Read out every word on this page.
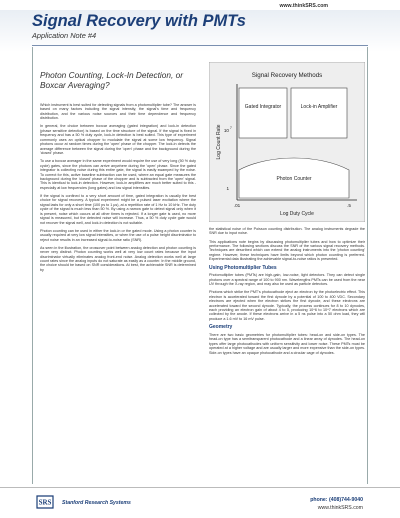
www.thinkSRS.com
Signal Recovery with PMTs
Application Note #4
Photon Counting, Lock-In Detection, or Boxcar Averaging?

Which instrument is best suited for detecting signals from a photomultiplier tube? The answer is based on many factors including the signal intensity, the signal's time and frequency distribution, and the various noise sources and their time dependence and frequency distribution.

In general, the choice between boxcar averaging (gated integration) and lock-in detection (phase sensitive detection) is based on the time structure of the signal. If the signal is fixed in frequency and has a 50 % duty cycle, lock-in detection is best suited. This type of experiment commonly uses an optical chopper to modulate the signal at some low frequency. Signal photons occur at random times during the 'open' phase of the chopper. The lock-in detects the average difference between the signal during the 'open' phase and the background during the 'closed' phase.

To use a boxcar averager in the same experiment would require the use of very long (50 % duty cycle) gates, since the photons can arrive anywhere during the 'open' phase. Since the gated integrator is collecting noise during this entire gate, the signal is easily swamped by the noise. To correct for this, active baseline subtraction can be used, where an equal gate measures the background during the 'closed' phase of the chopper and is subtracted from the 'open' signal. This is identical to lock-in detection. However, lock-in amplifiers are much better suited to this - especially at low frequencies (long gates) and low signal intensities.

If the signal is confined to a very short amount of time, gated integration is usually the best choice for signal recovery. A typical experiment might be a pulsed laser excitation where the signal lasts for only a short time (100 ps to 1 µs), at a repetition rate of 1 Hz to 10 kHz. The duty cycle of the signal is much less than 50 %. By using a narrow gate to detect signal only when it is present, noise which occurs at all other times is rejected. If a longer gate is used, no more signal is measured, but the detected noise will increase. Thus, a 50 % duty cycle gate would not recover the signal well, and lock-in detection is not suitable.

Photon counting can be used in either the lock-in or the gated mode. Using a photon counter is usually required at very low signal intensities, or when the use of a pulse height discriminator to reject noise results in an increased signal-to-noise ratio (SNR).

As seen in the illustration, the crossover point between analog detection and photon counting is never very distinct. Photon counting works well at very low count rates because the input discriminator virtually eliminates analog front-end noise. Analog detection works well at large count rates since the analog inputs do not saturate as easily as a counter. In the middle ground, the choice should be based on SNR considerations. At best, the achievable SNR is determined by

Signal Recovery Methods
Gated Integrator	Lock-in Amplifier
Photon Counter
10 7
1
.01	.5
Log Duty Cycle
Log Count Rate

the statistical noise of the Poisson counting distribution. The analog instruments degrade the SNR due to input noise.

This applications note begins by discussing photomultiplier tubes and how to optimize their performance. The following sections discuss the SNR of the various signal recovery methods. Techniques are described which can extend the analog instruments into the 'photon counting' regime. However, these techniques have limits beyond which photon counting is preferred. Experimental data illustrating the achievable signal-to-noise ratios is presented.

Using Photomultiplier Tubes

Photomultiplier tubes (PMTs) are high-gain, low-noise, light detectors. They can detect single photons over a spectral range of 100 to 900 nm. Wavelengths PMTs can be used from the near UV through the X-ray region, and may also be used as particle detectors.

Photons which strike the PMT's photocathode eject an electron by the photoelectric effect. This electron is accelerated toward the first dynode by a potential of 100 to 400 VDC. Secondary electrons are ejected when the electron strikes the first dynode, and these electrons are accelerated toward the second dynode. Typically, the process continues for 8 to 10 dynodes, each providing an electron gain of about 4 to 5, producing 10^6 to 10^7 electrons which are collected by the anode. If these electrons arrive in a 5 ns pulse into a 50 ohm load, they will produce a 1.6 mV to 16 mV pulse.

Geometry

There are two basic geometries for photomultiplier tubes: head-on and side-on types. The head-on type has a semitransparent photocathode and a linear array of dynodes. The head-on types offer large photocathodes with uniform sensitivity and lower noise. These PMTs must be operated at a higher voltage and are usually larger and more expensive than the side-on types. Side-on types have an opaque photocathode and a circular cage of dynodes.

SRS Stanford Research Systems	phone: (408)744-9040
www.thinkSRS.com
